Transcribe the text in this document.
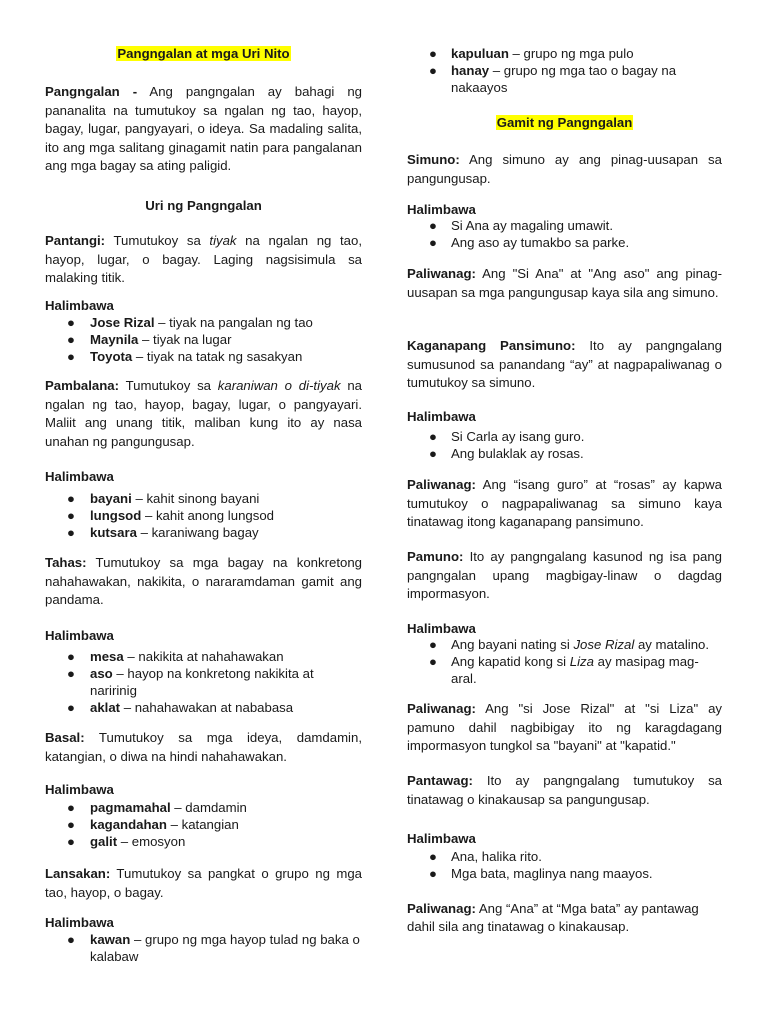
Pangngalan at mga Uri Nito

Pangngalan - Ang pangngalan ay bahagi ng pananalita na tumutukoy sa ngalan ng tao, hayop, bagay, lugar, pangyayari, o ideya. Sa madaling salita, ito ang mga salitang ginagamit natin para pangalanan ang mga bagay sa ating paligid.

Uri ng Pangngalan

Pantangi: Tumutukoy sa tiyak na ngalan ng tao, hayop, lugar, o bagay. Laging nagsisimula sa malaking titik.

Halimbawa

● Jose Rizal – tiyak na pangalan ng tao
● Maynila – tiyak na lugar
● Toyota – tiyak na tatak ng sasakyan

Pambalana: Tumutukoy sa karaniwan o di-tiyak na ngalan ng tao, hayop, bagay, lugar, o pangyayari. Maliit ang unang titik, maliban kung ito ay nasa unahan ng pangungusap.

Halimbawa

● bayani – kahit sinong bayani
● lungsod – kahit anong lungsod
● kutsara – karaniwang bagay

Tahas: Tumutukoy sa mga bagay na konkretong nahahawakan, nakikita, o nararamdaman gamit ang pandama.

Halimbawa

● mesa – nakikita at nahahawakan
● aso – hayop na konkretong nakikita at naririnig
● aklat – nahahawakan at nababasa

Basal: Tumutukoy sa mga ideya, damdamin, katangian, o diwa na hindi nahahawakan.

Halimbawa

● pagmamahal – damdamin
● kagandahan – katangian
● galit – emosyon

Lansakan: Tumutukoy sa pangkat o grupo ng mga tao, hayop, o bagay.

Halimbawa

● kawan – grupo ng mga hayop tulad ng baka o kalabaw
● kapuluan – grupo ng mga pulo
● hanay – grupo ng mga tao o bagay na nakaayos
Gamit ng Pangngalan

Simuno: Ang simuno ay ang pinag-uusapan sa pangungusap.

Halimbawa

● Si Ana ay magaling umawit.
● Ang aso ay tumakbo sa parke.

Paliwanag: Ang "Si Ana" at "Ang aso" ang pinag-uusapan sa mga pangungusap kaya sila ang simuno.

Kaganapang Pansimuno: Ito ay pangngalang sumusunod sa panandang “ay” at nagpapaliwanag o tumutukoy sa simuno.

Halimbawa

● Si Carla ay isang guro.
● Ang bulaklak ay rosas.

Paliwanag: Ang “isang guro” at “rosas” ay kapwa tumutukoy o nagpapaliwanag sa simuno kaya tinatawag itong kaganapang pansimuno.

Pamuno: Ito ay pangngalang kasunod ng isa pang pangngalan upang magbigay-linaw o dagdag impormasyon.

Halimbawa

● Ang bayani nating si Jose Rizal ay matalino.
● Ang kapatid kong si Liza ay masipag mag-aral.

Paliwanag: Ang "si Jose Rizal" at "si Liza" ay pamuno dahil nagbibigay ito ng karagdagang impormasyon tungkol sa "bayani" at "kapatid."

Pantawag: Ito ay pangngalang tumutukoy sa tinatawag o kinakausap sa pangungusap.

Halimbawa

● Ana, halika rito.
● Mga bata, maglinya nang maayos.

Paliwanag: Ang “Ana” at “Mga bata” ay pantawag dahil sila ang tinatawag o kinakausap.
